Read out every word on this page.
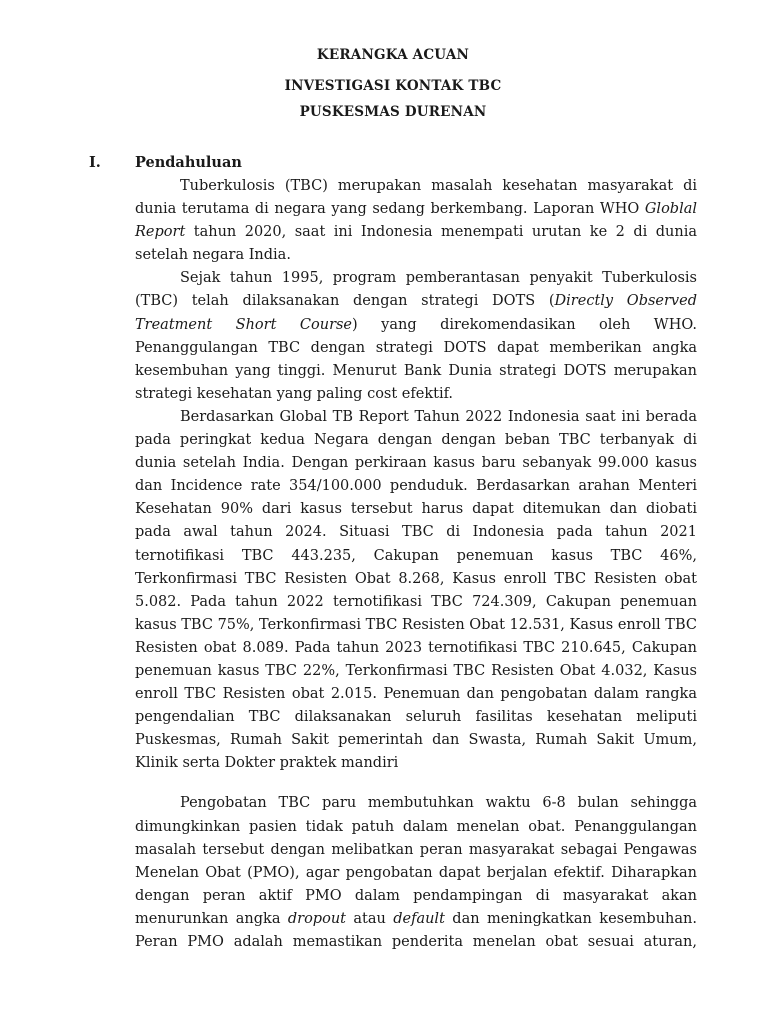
KERANGKA ACUAN
INVESTIGASI KONTAK TBC
PUSKESMAS DURENAN
I. Pendahuluan

Tuberkulosis (TBC) merupakan masalah kesehatan masyarakat di dunia terutama di negara yang sedang berkembang. Laporan WHO Globlal Report tahun 2020, saat ini Indonesia menempati urutan ke 2 di dunia setelah negara India.

Sejak tahun 1995, program pemberantasan penyakit Tuberkulosis (TBC) telah dilaksanakan dengan strategi DOTS (Directly Observed Treatment Short Course) yang direkomendasikan oleh WHO. Penanggulangan TBC dengan strategi DOTS dapat memberikan angka kesembuhan yang tinggi. Menurut Bank Dunia strategi DOTS merupakan strategi kesehatan yang paling cost efektif.

Berdasarkan Global TB Report Tahun 2022 Indonesia saat ini berada pada peringkat kedua Negara dengan dengan beban TBC terbanyak di dunia setelah India. Dengan perkiraan kasus baru sebanyak 99.000 kasus dan Incidence rate 354/100.000 penduduk. Berdasarkan arahan Menteri Kesehatan 90% dari kasus tersebut harus dapat ditemukan dan diobati pada awal tahun 2024. Situasi TBC di Indonesia pada tahun 2021 ternotifikasi TBC 443.235, Cakupan penemuan kasus TBC 46%, Terkonfirmasi TBC Resisten Obat 8.268, Kasus enroll TBC Resisten obat 5.082. Pada tahun 2022 ternotifikasi TBC 724.309, Cakupan penemuan kasus TBC 75%, Terkonfirmasi TBC Resisten Obat 12.531, Kasus enroll TBC Resisten obat 8.089. Pada tahun 2023 ternotifikasi TBC 210.645, Cakupan penemuan kasus TBC 22%, Terkonfirmasi TBC Resisten Obat 4.032, Kasus enroll TBC Resisten obat 2.015. Penemuan dan pengobatan dalam rangka pengendalian TBC dilaksanakan seluruh fasilitas kesehatan meliputi Puskesmas, Rumah Sakit pemerintah dan Swasta, Rumah Sakit Umum, Klinik serta Dokter praktek mandiri

Pengobatan TBC paru membutuhkan waktu 6-8 bulan sehingga dimungkinkan pasien tidak patuh dalam menelan obat. Penanggulangan masalah tersebut dengan melibatkan peran masyarakat sebagai Pengawas Menelan Obat (PMO), agar pengobatan dapat berjalan efektif. Diharapkan dengan peran aktif PMO dalam pendampingan di masyarakat akan menurunkan angka dropout atau default dan meningkatkan kesembuhan. Peran PMO adalah memastikan penderita menelan obat sesuai aturan,
